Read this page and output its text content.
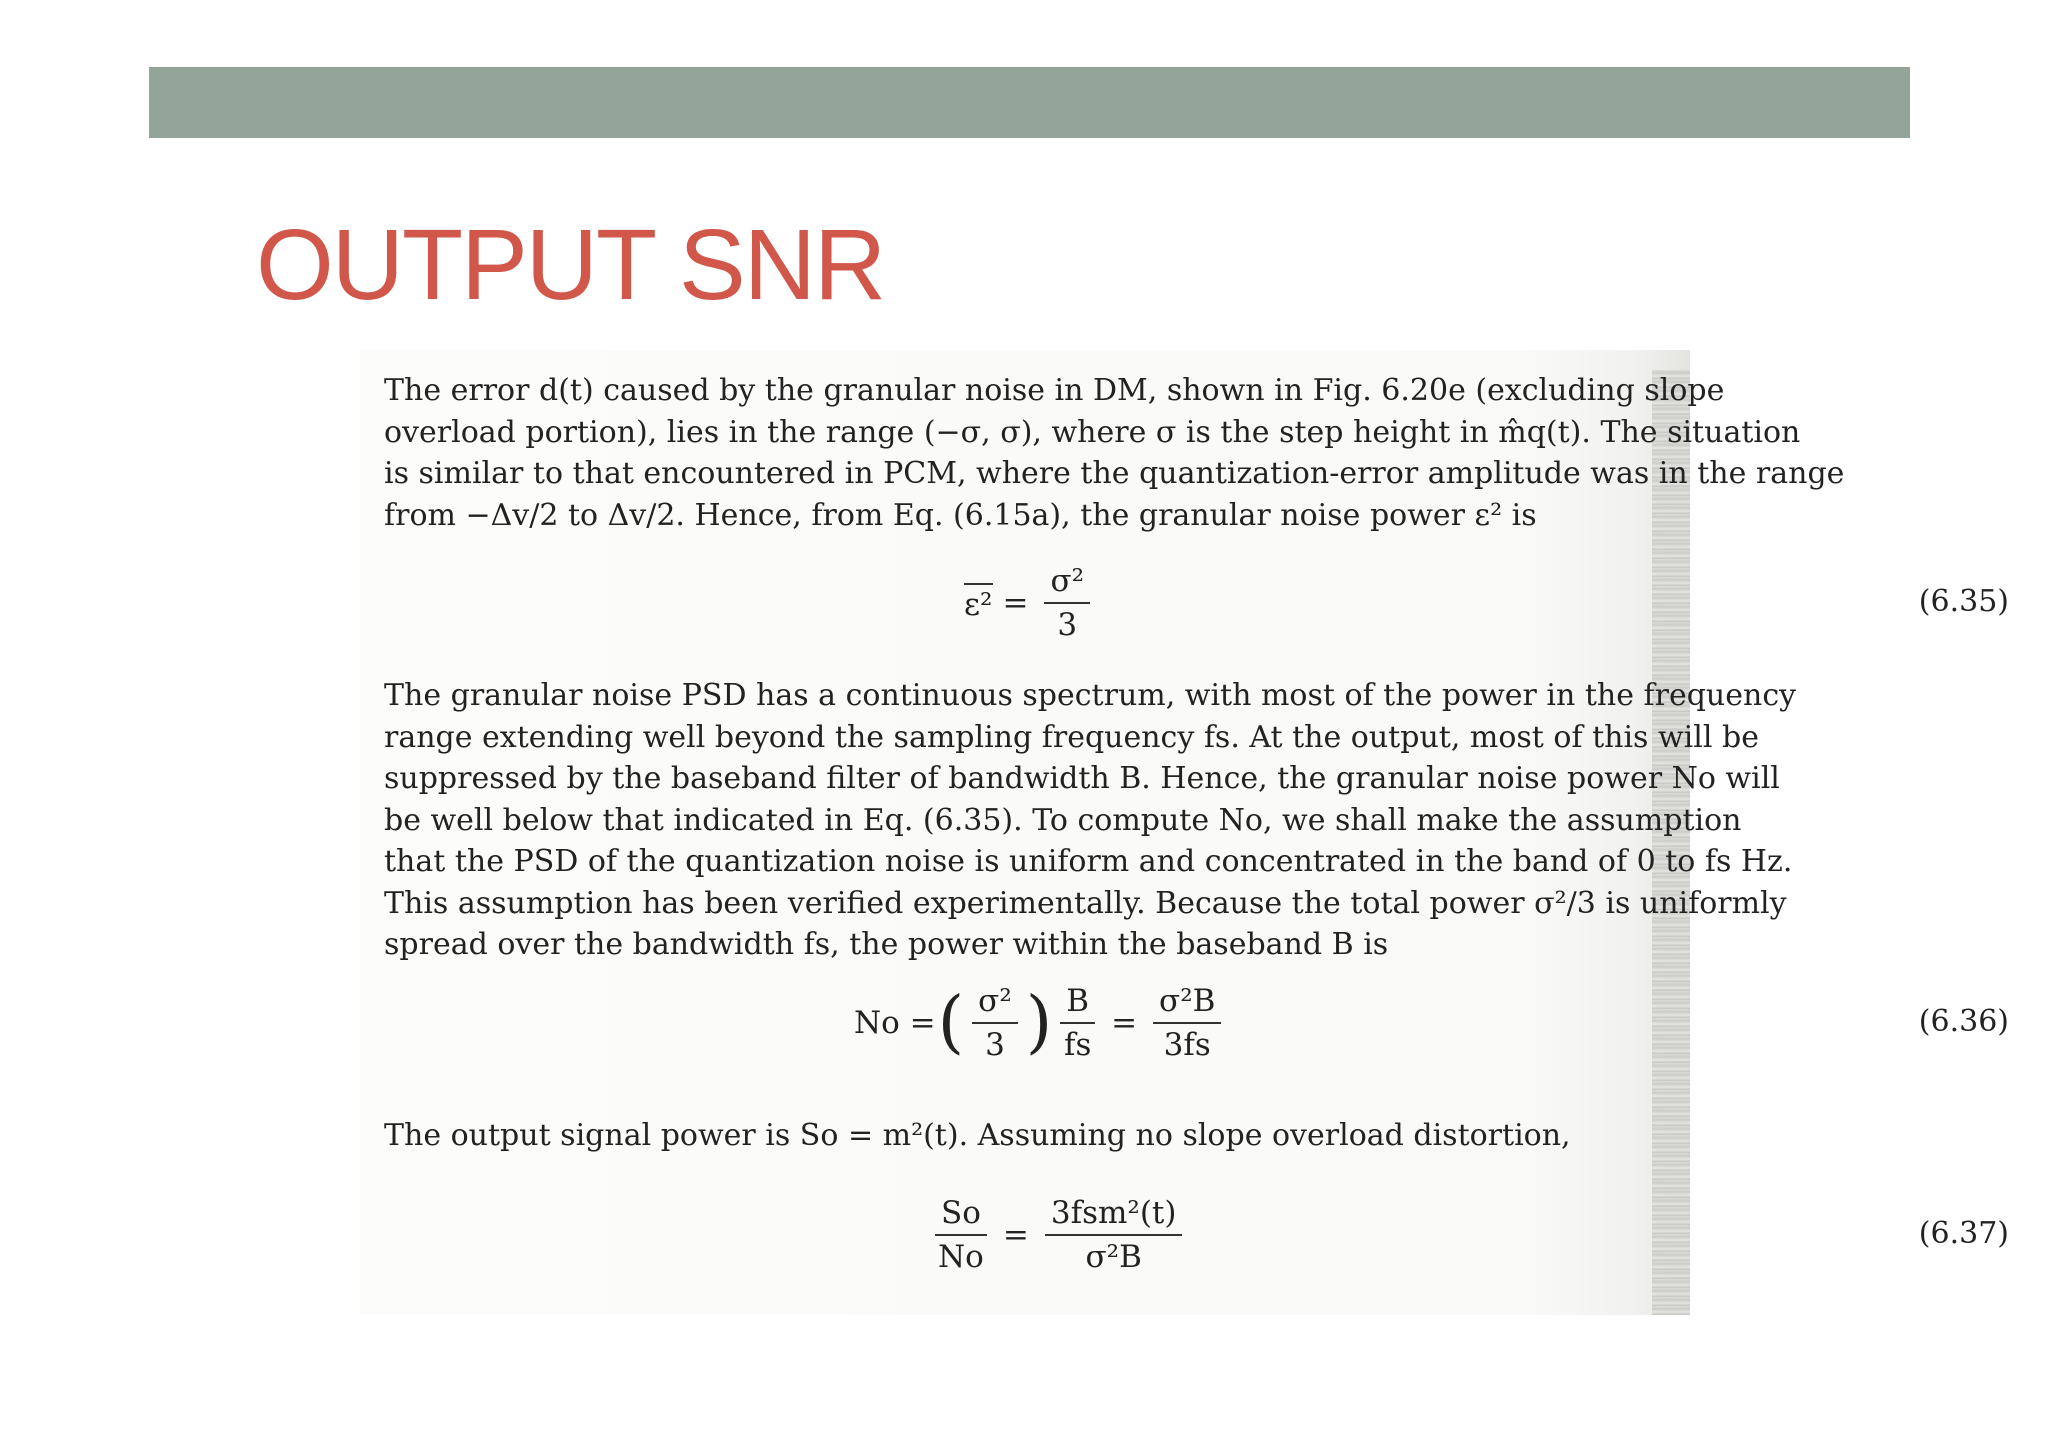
OUTPUT SNR

The error d(t) caused by the granular noise in DM, shown in Fig. 6.20e (excluding slope
overload portion), lies in the range (−σ, σ), where σ is the step height in m̂q(t). The situation
is similar to that encountered in PCM, where the quantization-error amplitude was in the range
from −Δv/2 to Δv/2. Hence, from Eq. (6.15a), the granular noise power ε² is

$\varepsilon^2 = \frac{\text{σ²}}{3}$	(6.35)

The granular noise PSD has a continuous spectrum, with most of the power in the frequency
range extending well beyond the sampling frequency fs. At the output, most of this will be
suppressed by the baseband filter of bandwidth B. Hence, the granular noise power No will
be well below that indicated in Eq. (6.35). To compute No, we shall make the assumption
that the PSD of the quantization noise is uniform and concentrated in the band of 0 to fs Hz.
This assumption has been verified experimentally. Because the total power σ²/3 is uniformly
spread over the bandwidth fs, the power within the baseband B is

No = ( $\frac{\text{σ²}}{3}$ ) $\frac{B}{fs} = \frac{\text{σ²B}}{3fs}$	(6.36)

The output signal power is So = m²(t). Assuming no slope overload distortion,

$\frac{So}{No} = \frac{\text{3fsm²(t)}}{\text{σ²B}}$	(6.37)
